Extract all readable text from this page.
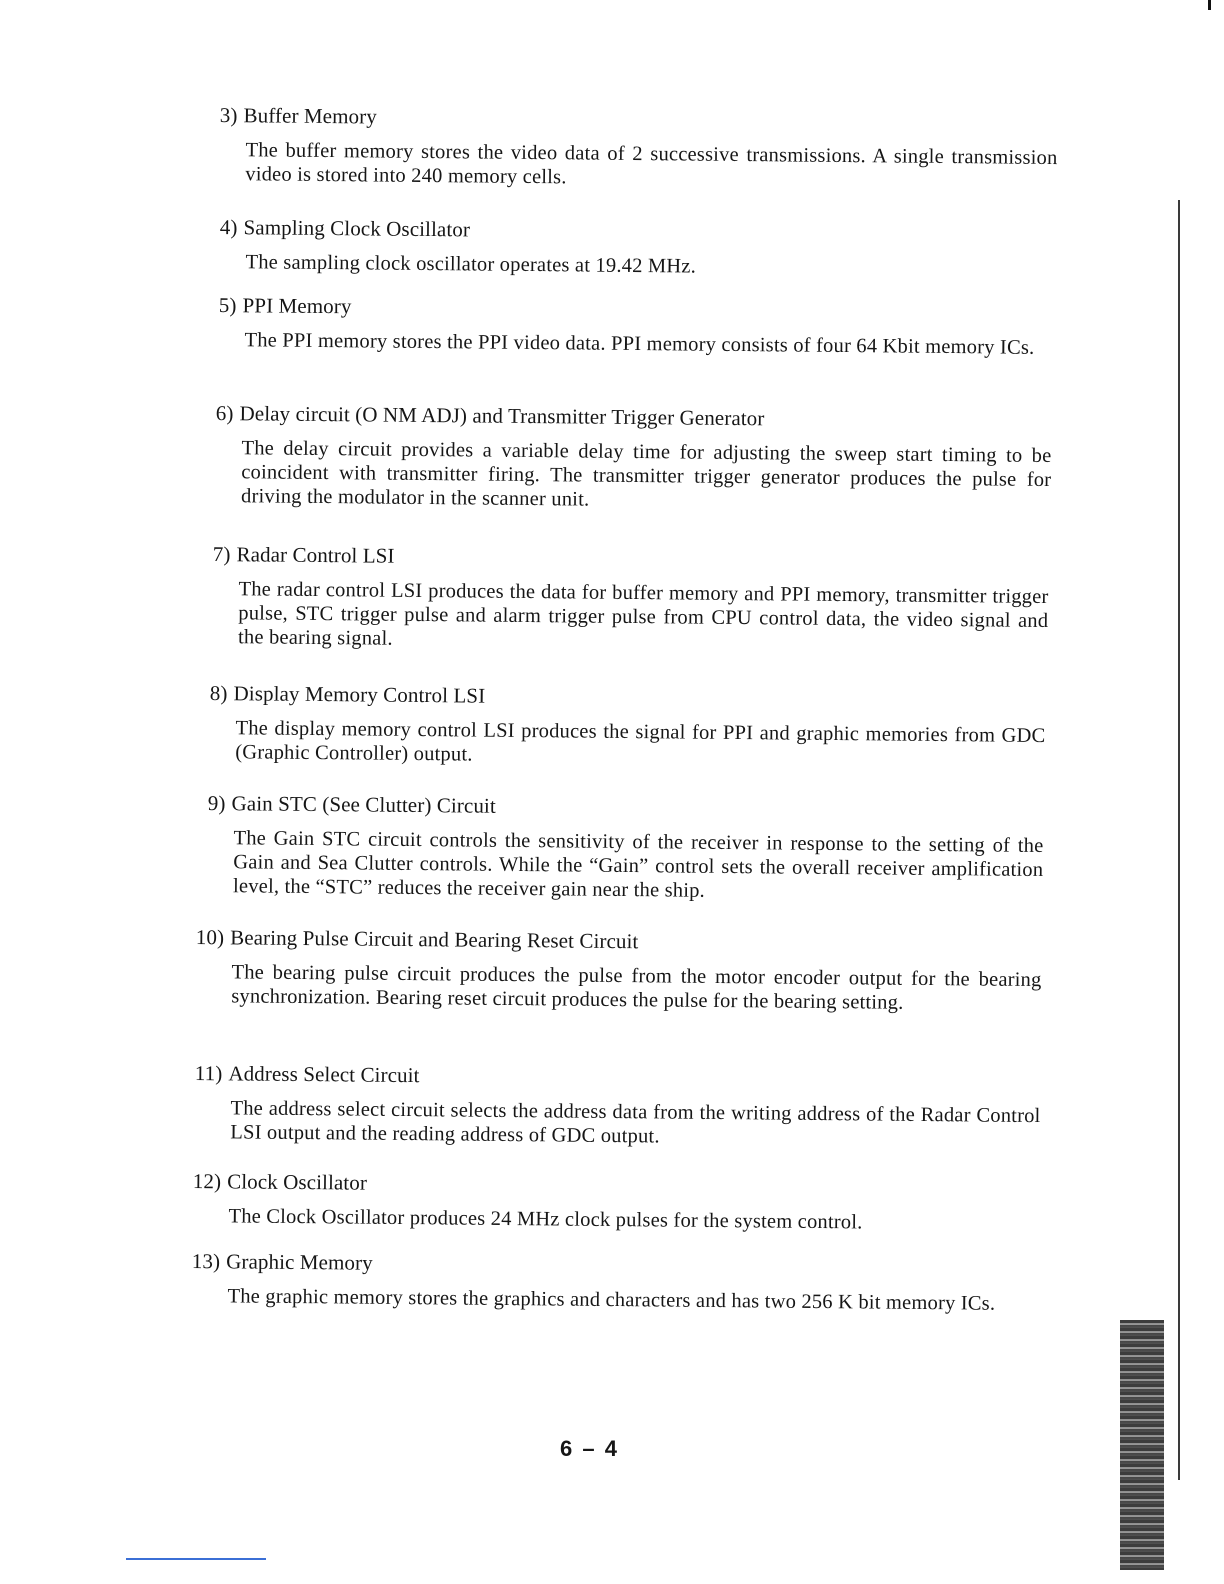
3) Buffer Memory
The buffer memory stores the video data of 2 successive transmissions. A single transmission video is stored into 240 memory cells.
4) Sampling Clock Oscillator
The sampling clock oscillator operates at 19.42 MHz.
5) PPI Memory
The PPI memory stores the PPI video data. PPI memory consists of four 64 Kbit memory ICs.
6) Delay circuit (O NM ADJ) and Transmitter Trigger Generator
The delay circuit provides a variable delay time for adjusting the sweep start timing to be coincident with transmitter firing. The transmitter trigger generator produces the pulse for driving the modulator in the scanner unit.
7) Radar Control LSI
The radar control LSI produces the data for buffer memory and PPI memory, transmitter trigger pulse, STC trigger pulse and alarm trigger pulse from CPU control data, the video signal and the bearing signal.
8) Display Memory Control LSI
The display memory control LSI produces the signal for PPI and graphic memories from GDC (Graphic Controller) output.
9) Gain STC (See Clutter) Circuit
The Gain STC circuit controls the sensitivity of the receiver in response to the setting of the Gain and Sea Clutter controls. While the “Gain” control sets the overall receiver amplification level, the “STC” reduces the receiver gain near the ship.
10) Bearing Pulse Circuit and Bearing Reset Circuit
The bearing pulse circuit produces the pulse from the motor encoder output for the bearing synchronization. Bearing reset circuit produces the pulse for the bearing setting.
11) Address Select Circuit
The address select circuit selects the address data from the writing address of the Radar Control LSI output and the reading address of GDC output.
12) Clock Oscillator
The Clock Oscillator produces 24 MHz clock pulses for the system control.
13) Graphic Memory
The graphic memory stores the graphics and characters and has two 256 K bit memory ICs.
6 – 4
